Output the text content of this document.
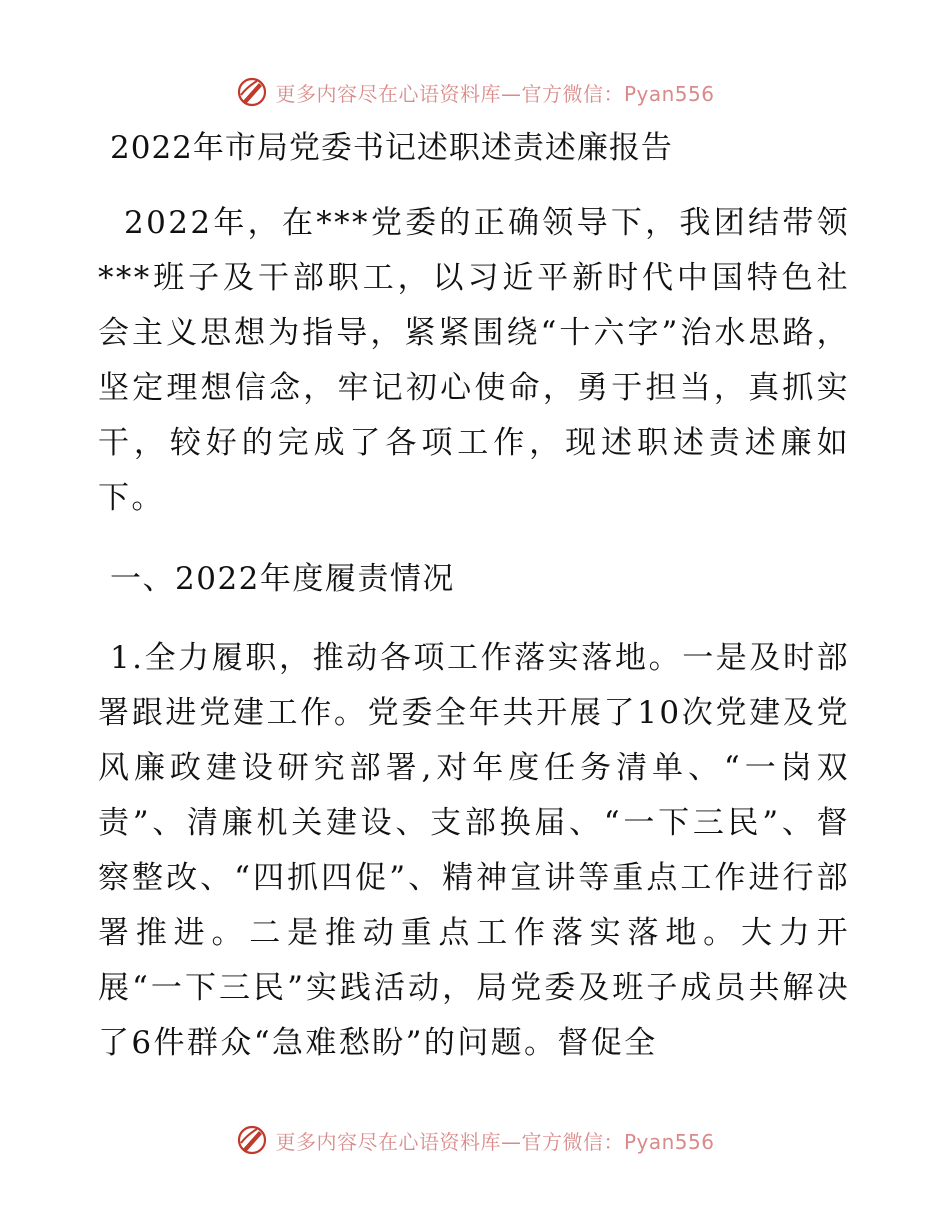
更多内容尽在心语资料库—官方微信：Pyan556
2022年市局党委书记述职述责述廉报告

2022年，在***党委的正确领导下，我团结带领***班子及干部职工，以习近平新时代中国特色社会主义思想为指导，紧紧围绕“十六字”治水思路，坚定理想信念，牢记初心使命，勇于担当，真抓实干，较好的完成了各项工作，现述职述责述廉如下。

一、2022年度履责情况

1.全力履职，推动各项工作落实落地。一是及时部署跟进党建工作。党委全年共开展了10次党建及党风廉政建设研究部署,对年度任务清单、“一岗双责”、清廉机关建设、支部换届、“一下三民”、督察整改、“四抓四促”、精神宣讲等重点工作进行部署推进。二是推动重点工作落实落地。大力开展“一下三民”实践活动，局党委及班子成员共解决了6件群众“急难愁盼”的问题。督促全

更多内容尽在心语资料库—官方微信：Pyan556
